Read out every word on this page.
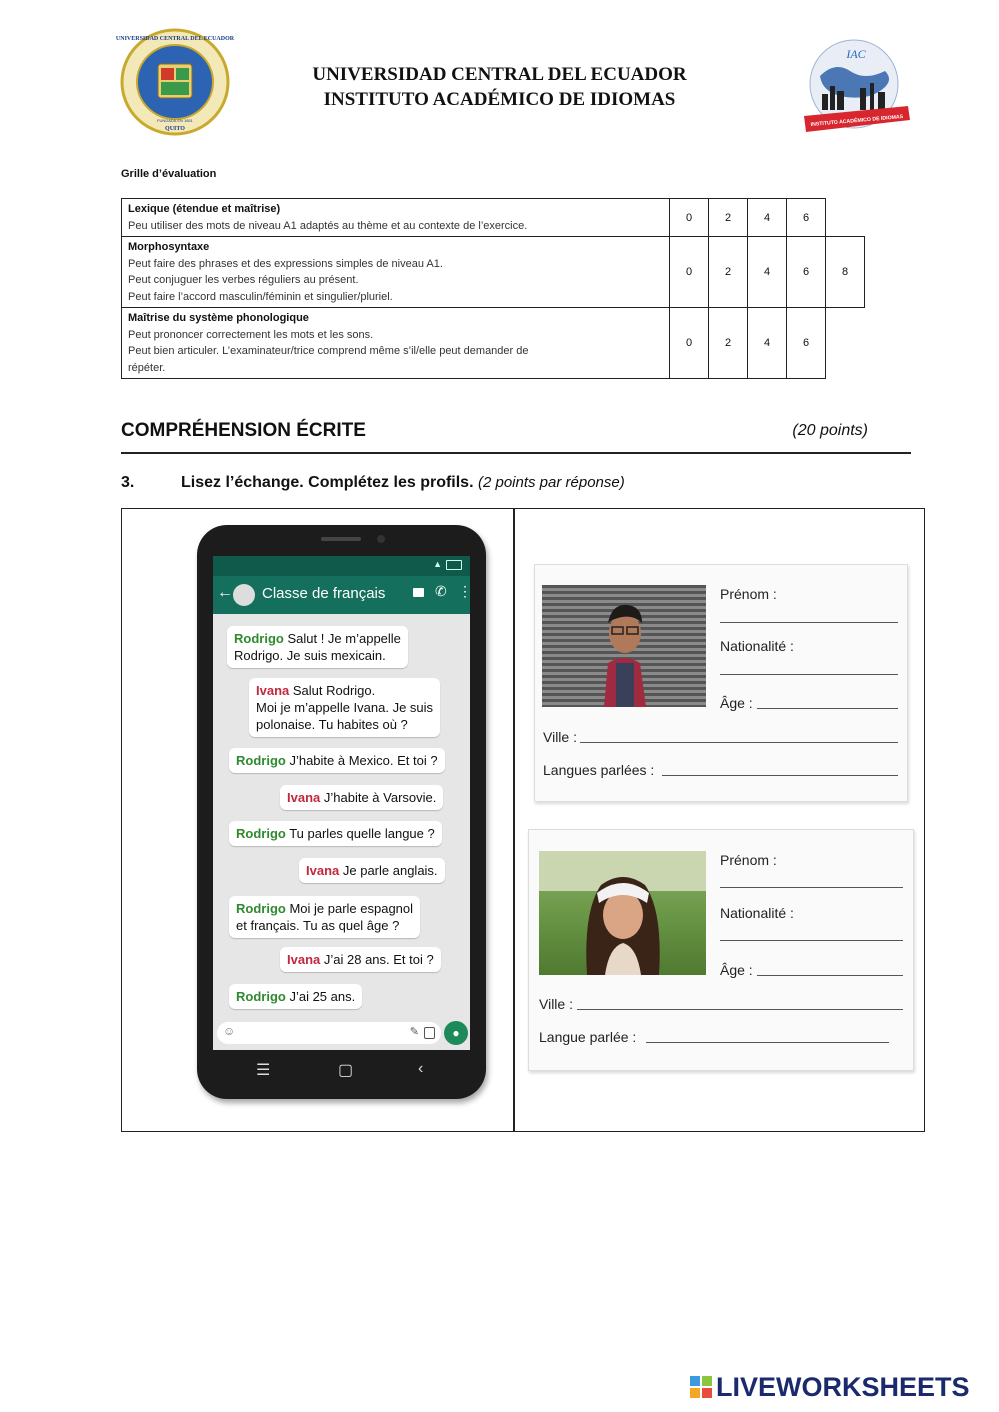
UNIVERSIDAD CENTRAL DEL ECUADOR
FUNDADA EN 1651
QUITO
UNIVERSIDAD CENTRAL DEL ECUADOR
INSTITUTO ACADÉMICO DE IDIOMAS
IAC
INSTITUTO ACADÉMICO DE IDIOMAS
Grille d’évaluation
Lexique (étendue et maîtrise)
Peu utiliser des mots de niveau A1 adaptés au thème et au contexte de l’exercice.	0	2	4	6	

Morphosyntaxe
Peut faire des phrases et des expressions simples de niveau A1.
Peut conjuguer les verbes réguliers au présent.
Peut faire l’accord masculin/féminin et singulier/pluriel.	0	2	4	6	8

Maîtrise du système phonologique
Peut prononcer correctement les mots et les sons.
Peut bien articuler. L’examinateur/trice comprend même s’il/elle peut demander de
répéter.	0	2	4	6	
COMPRÉHENSION ÉCRITE	(20 points)
3.	Lisez l’échange. Complétez les profils. (2 points par réponse)
▲
← Classe de français	✆ ⋮
Rodrigo Salut ! Je m’appelle
Rodrigo. Je suis mexicain.
Ivana Salut Rodrigo.
Moi je m’appelle Ivana. Je suis
polonaise. Tu habites où ?
Rodrigo J’habite à Mexico. Et toi ?
Ivana J’habite à Varsovie.
Rodrigo Tu parles quelle langue ?
Ivana Je parle anglais.
Rodrigo Moi je parle espagnol
et français. Tu as quel âge ?
Ivana J’ai 28 ans. Et toi ?
Rodrigo J’ai 25 ans.
☺	✎	●
☰	▢	‹
Prénom :
Nationalité :
Âge :
Ville :
Langues parlées :
Prénom :
Nationalité :
Âge :
Ville :
Langue parlée :
LIVEWORKSHEETS
